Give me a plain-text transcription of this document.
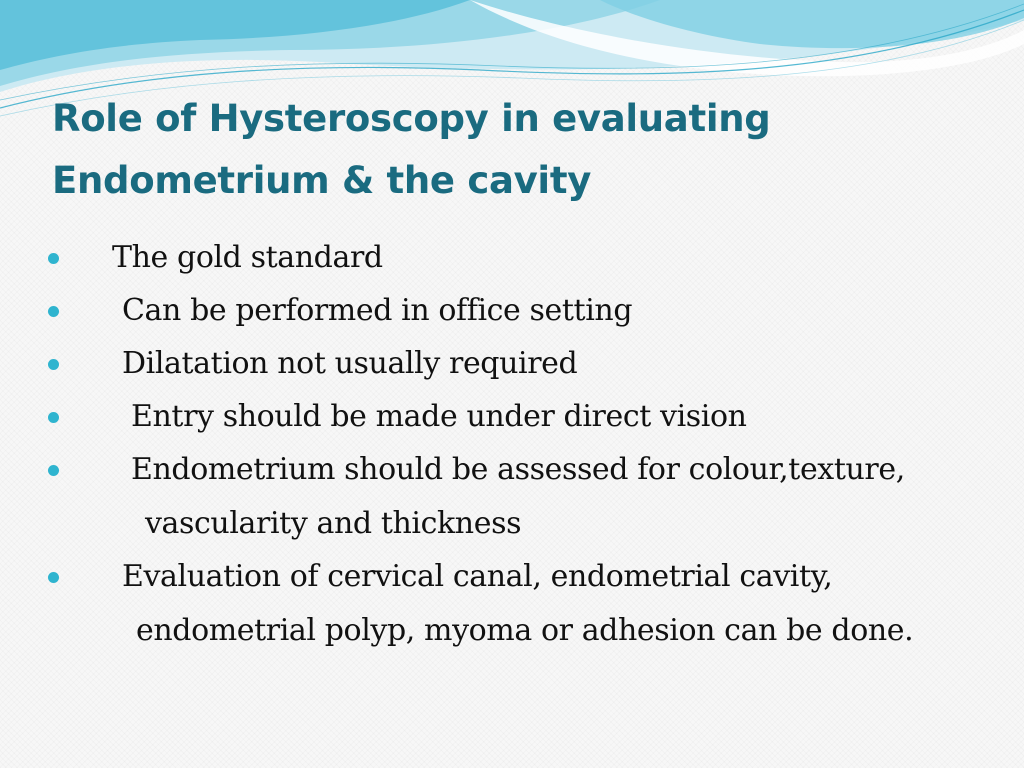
Role of Hysteroscopy in evaluating
Endometrium & the cavity
The gold standard
Can be performed in office setting
Dilatation not usually required
Entry should be made under direct vision
Endometrium should be assessed for colour,texture,
vascularity and thickness
Evaluation of cervical canal, endometrial cavity,
endometrial polyp, myoma or adhesion can be done.
